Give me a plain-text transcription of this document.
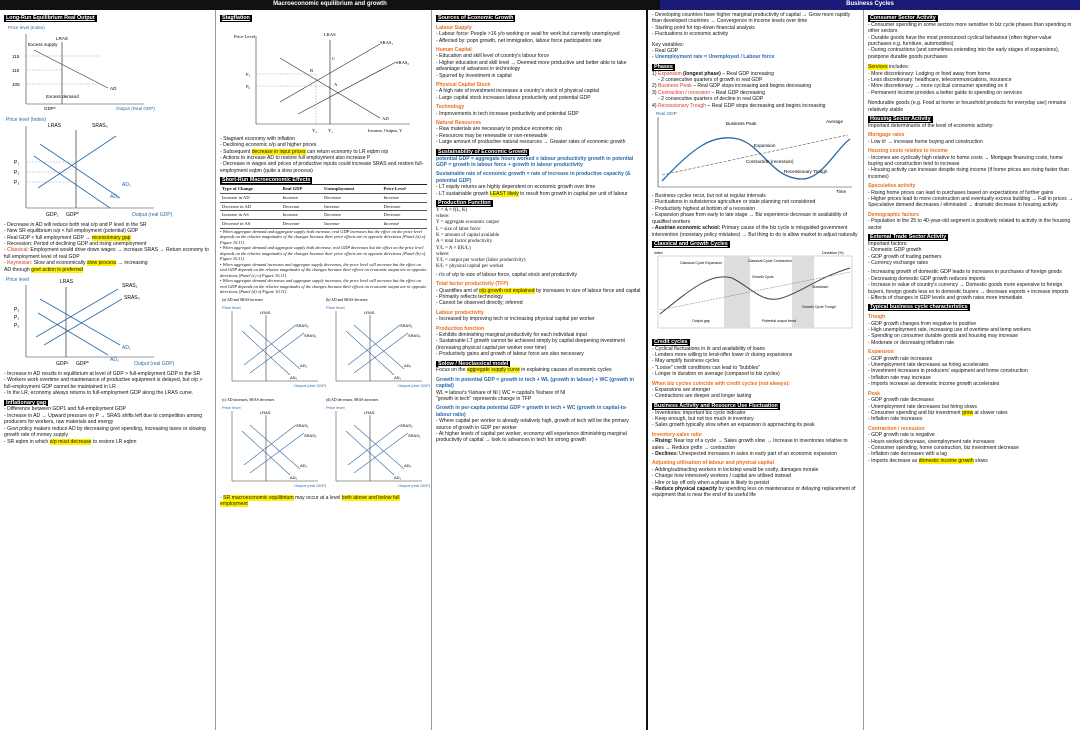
Macroeconomic equilibrium and growth	Business Cycles
Long-Run Equilibrium Real Output
Price level (Index)
LRAS
Excess supply
115
110
105
Excess demand
AD
GDP*	Output (Real GDP)
Price level (Index)
LRAS	SRAS₀
AD₀
AD₁
P₁
P₂
P₃
GDP₁ GDP*	Output (real GDP)

- Decrease in AD will reduce both real o/p and P level in the SR

- New SR equilibrium o/p < full employment (potential) GDP

- Real GDP < full employment GDP → recessionary gap

- Recession: Period of declining GDP and rising unemployment

- Classical: Employment would drive down wages → increase SRAS → Return economy to full employment level of real GDP

- Keynesian: Slow and economically slow process → increasing

AD through govt action is preferred

Price level	LRAS
SRAS₁
SRAS₀
AD₁
AD₀
P₂
P₁
P₀
GDP¹ GDP*	Output (real GDP)

- Increase in AD results in equilibrium at level of GDP > full-employment GDP in the SR

- Workers work overtime and maintenance of productive equipment is delayed, but o/p > full-employment GDP cannot be maintained in LR

- In the LR, economy always returns to full-employment GDP along the LRAS curve.

Inflationary gap

- Difference between GDP1 and full-employment GDP

- Increase in AD → Upward pressure on P → SRAS shifts left due to competition among producers for workers, raw materials and energy

- Govt policy makers reduce AD by decreasing govt spending, increasing taxes or slowing growth rate of money supply

- SR eqbm in which o/p must decrease to restore LR eqbm

Stagflation
Price Level	LRAS
SRAS₁
SRAS₀
AD
P₁
P₀
C
B
A
Y₂ Y₁	Income, Output, Y

- Stagnant economy with inflation

- Declining economic o/p and higher prices

- Subsequent decrease in input prices can return economy to LR eqbm o/p

- Actions to increase AD to restore full employment also increase P

- Decrease in wages and prices of productive inputs could increase SRAS and restore full-employment eqbm (quite a slow process)

Short-Run Macroeconomic Effects
Type of Change	Real GDP	Unemployment	Price Level
Increase in AD	Increase	Decrease	Increase
Decrease in AD	Decrease	Increase	Decrease
Increase in AS	Increase	Decrease	Decrease
Decrease in AS	Decrease	Increase	Increase

• When aggregate demand and aggregate supply both increase, real GDP increases but the effect on the price level depends on the relative magnitudes of the changes because their price effects are in opposite directions [Panel (a) of Figure 10.11].

• When aggregate demand and aggregate supply both decrease, real GDP decreases but the effect on the price level depends on the relative magnitudes of the changes because their price effects are in opposite directions [Panel (b) of Figure 10.11].

• When aggregate demand increases and aggregate supply decreases, the price level will increase but the effect on real GDP depends on the relative magnitudes of the changes because their effects on economic output are in opposite directions [Panel (c) of Figure 10.11].

• When aggregate demand decreases and aggregate supply increases, the price level will increase but the effect on real GDP depends on the relative magnitudes of the changes because their effects on economic output are in opposite directions [Panel (d) of Figure 10.11].

(a) AD and SRAS increase
Price level
LRAS
SRAS₀
SRAS₁
AD₀
AD₁
Output (real GDP)
(b) AD and SRAS decrease
Price level
LRAS
SRAS₁
SRAS₀
AD₁
AD₀
Output (real GDP)
(c) AD increases, SRAS decreases
Price level
LRAS
SRAS₁
SRAS₀
AD₀
AD₁
Output (real GDP)
(d) AD decreases, SRAS increases
Price level
LRAS
SRAS₀
SRAS₁
AD₁
AD₀
Output (real GDP)

- SR macroeconomic equilibrium may occur at a level both above and below full employment

Sources of Economic Growth
Labour Supply

- Labour force: People >16 y/o working or avail for work but currently unemployed

- Affected by: popn growth, net immigration, labour force participation rate

Human Capital

- Education and skill level of country's labour force

- Higher education and skill level → Deemed more productive and better able to take advantage of advances in technology

- Spurred by investment in capital

Physical Capital Stock

- A high rate of investment increases a country's stock of physical capital

- Large capital stock increases labour productivity and potential GDP

Technology

- Improvements in tech increase productivity and potential GDP

Natural Resources

- Raw materials are necessary to produce economic o/p

- Resources may be renewable or non-renewable

- Large amount of productive natural resources → Greater rates of economic growth

Sustainability of Economic Growth

potential GDP = aggregate hours worked x labour productivity growth in potential GDP = growth in labour force + growth in labour productivity

Sustainable rate of economic growth = rate of increase in productive capacity (& potential GDP)

- LT equity returns are highly dependent on economic growth over time

- LT sustainable growth LEAST likely to result from growth in capital per unit of labour

Production Function

Y = A × f(L, K)

where:

Y = aggregate economic output

L = size of labor force

K = amount of capital available

A = total factor productivity

Y/L = A × f(K/L)

where:

Y/L = output per worker (labor productivity)

K/L = physical capital per worker

- r/s of o/p to size of labour force, capital stock and productivity

Total factor productivity (TFP)

- Quantifies amt of o/p growth not explained by increases in size of labour force and capital

- Primarily reflects technology

- Cannot be observed directly; inferred

Labour productivity

- Increased by improving tech or increasing physical capital per worker

Production function

- Exhibits diminishing marginal productivity for each individual input

- Sustainable LT growth cannot be achieved simply by capital deepening investment (increasing physical capital per worker over time)

- Productivity gains and growth of labour force are also necessary

Solow / Neoclassical model

Focus on the aggregate supply curve in explaining causes of economic cycles

Growth in potential GDP = growth in tech + WL (growth in labour) + WC (growth in capital)

WL = labour's %share of NI | WC = capital's %share of NI

"growth in tech" represents change in TFP

Growth in per-capita potential GDP = growth in tech + WC (growth in capital-to-labour ratio)

- Where capital per worker is already relatively high, growth of tech will be the primary source of growth in GDP per worker

- At higher levels of capital per worker, economy will experience diminishing marginal productivity of capital → look to advances in tech for strong growth

- Developing countries have higher marginal productivity of capital → Grow more rapidly than developed countries → Convergence in income levels over time

- Starting point for top-down financial analysis

- Fluctuations in economic activity

Key variables:

- Real GDP

- Unemployment rate = Unemployed / Labour force

Phases

1) Expansion (longest phase) – Real GDP increasing

- 2 consecutive quarters of growth in real GDP

2) Business Peak – Real GDP stops increasing and begins decreasing

3) Contraction / recession – Real GDP decreasing

- 2 consecutive quarters of decline in real GDP

4) Recessionary Trough – Real GDP stops decreasing and begins increasing

Real GDP
Business Peak	Average
Expansion
Contraction (recession)
Recessionary Trough
Time

- Business cycles recur, but not at regular intervals

- Fluctuations in subsistence agriculture or state planning not considered

- Productivity highest at bottom of a recession

- Expansion phase from early to late stage → Biz experience decrease in availability of qualified workers

- Austrian economic school: Primary cause of the biz cycle is misguided government intervention (monetary policy mistakes) → But thing to do is allow market to adjust naturally

Classical and Growth Cycles
Index	Deviation (%)
Classical Cycle Expansion	Classical Cycle Contraction
Growth Cycle
Slowdown
Output gap	Potential output trend
Growth Cycle Trough
Credit cycles

- Cyclical fluctuations in i/r and availability of loans

- Lenders more willing to lend-offer lower i/r during expansions

- May amplify business cycles

- "Loose" credit conditions can lead to "bubbles"

- Longer in duration on average (compared to biz cycles)

When biz cycles coincide with credit cycles (not always):

- Expansions are stronger

- Contractions are deeper and longer lasting

Business Activity and Resource Use Fluctuation

- Inventories: important biz cycle indicator

- Keep enough, but not too much in inventory

- Sales growth typically slow when an expansion is approaching its peak

Inventory-sales ratio

- Rising: Near top of a cycle → Sales growth slow → Increase in inventories relative to sales → Reduce prdtn → contraction

- Declines: Unexpected increases in sales in early part of an economic expansion

Adjusting utilisation of labour and physical capital

- Adding/subtracting workers in lockstep would be costly, damages morale

- Change how intensively workers / capital are utilised instead

- Hire or lay off only when a phase is likely to persist

- Reduce physical capacity by spending less on maintenance or delaying replacement of equipment that is near the end of its useful life

Consumer Sector Activity

- Consumer spending in some sectors more sensitive to biz cycle phases than spending in other sectors

- Durable goods have the most pronounced cyclical behaviour (often higher-value purchases e.g. furniture, automobiles)

- During contractions (and sometimes extending into the early stages of expansions), postpone durable goods purchases

Services includes:

- More discretionary: Lodging or food away from home

- Less discretionary: healthcare, telecommunications, insurance

- More discretionary → more cyclical consumer spending on it

- Permanent income provides a better guide to spending on services

Nondurable goods (e.g. Food at home or household products for everyday use) remains relatively stable

Housing Sector Activity

Important determinants of the level of economic activity:

Mortgage rates

- Low i/r → increase home buying and construction

Housing costs relative to income

- Incomes are cyclically high relative to home costs → Mortgage financing costs, home buying and construction tend to increase

- Housing activity can increase despite rising income (if home prices are rising faster than incomes)

Speculative activity

- Rising home prices can lead to purchases based on expectations of further gains

- Higher prices lead to more construction and eventually excess building → Fall in prices → Speculative demand decreases / eliminated → dramatic decrease in housing activity

Demographic factors

- Population in the 25 to 40-year-old segment is positively related to activity in the housing sector

External Trade Sector Activity

Important factors:

- Domestic GDP growth

- GDP growth of trading partners

- Currency exchange rates

- Increasing growth of domestic GDP leads to increases in purchases of foreign goods

- Decreasing domestic GDP growth reduces imports

- Increase in value of country's currency → Domestic goods more expensive to foreign buyers, foreign goods less ex to domestic buyers → decrease exports + increase imports

- Effects of changes in GDP levels and growth rates more immediate

Typical business cycle characteristics
Trough

- GDP growth changes from negative to positive

- High unemployment rate, increasing use of overtime and temp workers

- Spending on consumer durable goods and housing may increase

- Moderate or decreasing inflation rate

Expansion

- GDP growth rate increases

- Unemployment rate decreases as hiring accelerates

- Investment increases in producers' equipment and home construction

- Inflation rate may increase

- Imports increase as domestic income growth accelerates

Peak

- GDP growth rate decreases

- Unemployment rate decreases but hiring slows

- Consumer spending and biz investment grow at slower rates

- Inflation rate increases

Contraction / recession

- GDP growth rate is negative

- Hours worked decrease, unemployment rate increases

- Consumer spending, home construction, biz investment decrease

- Inflation rate decreases with a lag

- Imports decrease as domestic income growth slows
